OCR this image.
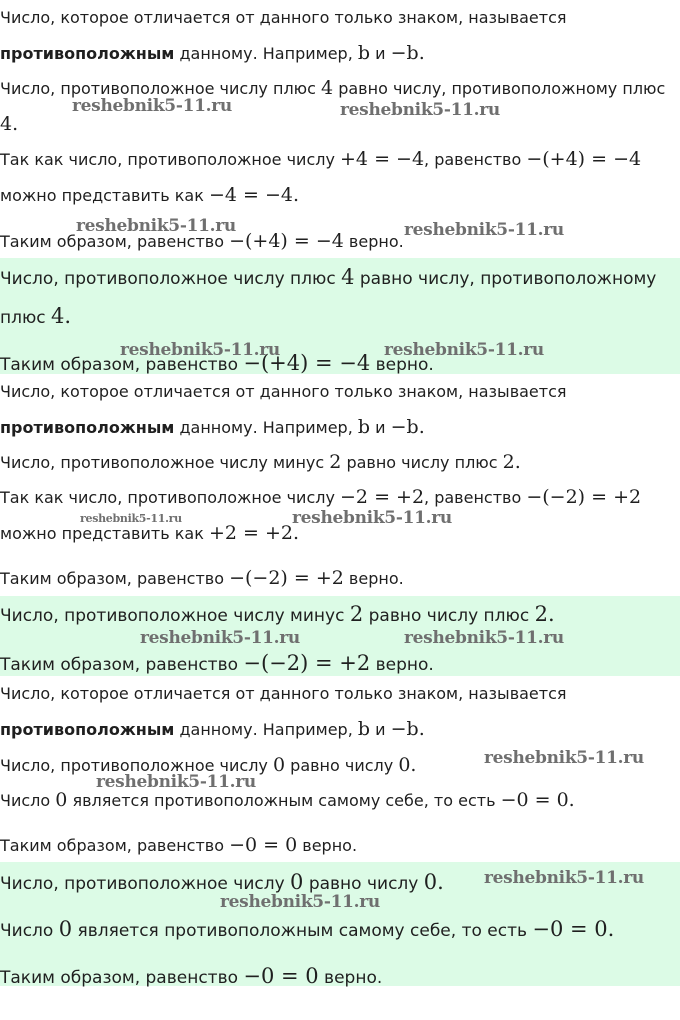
Число, которое отличается от данного только знаком, называется
противоположным данному. Например, b и −b.
Число, противоположное числу плюс 4 равно числу, противоположному плюс
4.
Так как число, противоположное числу +4 = −4, равенство −(+4) = −4
можно представить как −4 = −4.
Таким образом, равенство −(+4) = −4 верно.
Число, противоположное числу плюс 4 равно числу, противоположному
плюс 4.
Таким образом, равенство −(+4) = −4 верно.
Число, которое отличается от данного только знаком, называется
противоположным данному. Например, b и −b.
Число, противоположное числу минус 2 равно числу плюс 2.
Так как число, противоположное числу −2 = +2, равенство −(−2) = +2
можно представить как +2 = +2.
Таким образом, равенство −(−2) = +2 верно.
Число, противоположное числу минус 2 равно числу плюс 2.
Таким образом, равенство −(−2) = +2 верно.
Число, которое отличается от данного только знаком, называется
противоположным данному. Например, b и −b.
Число, противоположное числу 0 равно числу 0.
Число 0 является противоположным самому себе, то есть −0 = 0.
Таким образом, равенство −0 = 0 верно.
Число, противоположное числу 0 равно числу 0.
Число 0 является противоположным самому себе, то есть −0 = 0.
Таким образом, равенство −0 = 0 верно.
reshebnik5-11.ru	reshebnik5-11.ru
reshebnik5-11.ru	reshebnik5-11.ru
reshebnik5-11.ru	reshebnik5-11.ru
reshebnik5-11.ru	reshebnik5-11.ru
reshebnik5-11.ru	reshebnik5-11.ru
reshebnik5-11.ru
reshebnik5-11.ru
reshebnik5-11.ru
reshebnik5-11.ru
